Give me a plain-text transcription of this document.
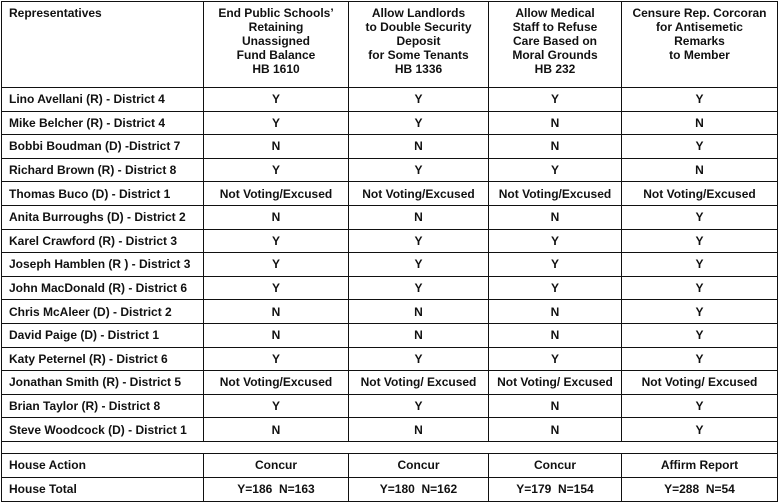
Representatives	End Public Schools’
Retaining
Unassigned
Fund Balance
HB 1610	Allow Landlords
to Double Security
Deposit
for Some Tenants
HB 1336	Allow Medical
Staff to Refuse
Care Based on
Moral Grounds
HB 232	Censure Rep. Corcoran
for Antisemetic
Remarks
to Member
Lino Avellani (R) - District 4	Y	Y	Y	Y
Mike Belcher (R) - District 4	Y	Y	N	N
Bobbi Boudman (D) -District 7	N	N	N	Y
Richard Brown (R) - District 8	Y	Y	Y	N
Thomas Buco (D) - District 1	Not Voting/Excused	Not Voting/Excused	Not Voting/Excused	Not Voting/Excused
Anita Burroughs (D) - District 2	N	N	N	Y
Karel Crawford (R) - District 3	Y	Y	Y	Y
Joseph Hamblen (R ) - District 3	Y	Y	Y	Y
John MacDonald (R) - District 6	Y	Y	Y	Y
Chris McAleer (D) - District 2	N	N	N	Y
David Paige (D) - District 1	N	N	N	Y
Katy Peternel (R) - District 6	Y	Y	Y	Y
Jonathan Smith (R) - District 5	Not Voting/Excused	Not Voting/ Excused	Not Voting/ Excused	Not Voting/ Excused
Brian Taylor (R) - District 8	Y	Y	N	Y
Steve Woodcock (D) - District 1	N	N	N	Y

House Action	Concur	Concur	Concur	Affirm Report
House Total	Y=186  N=163	Y=180  N=162	Y=179  N=154	Y=288  N=54
